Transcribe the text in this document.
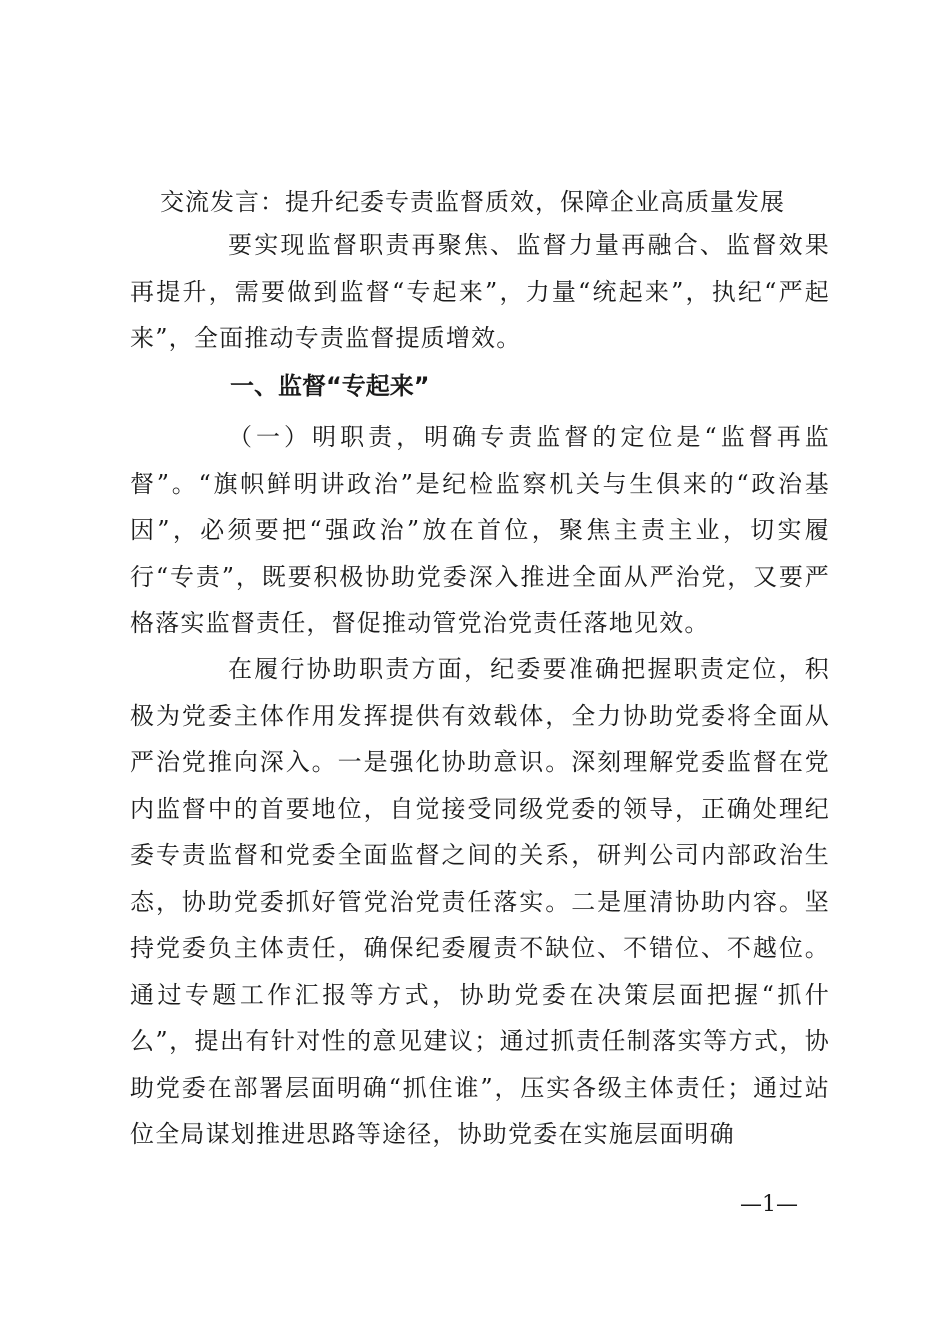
交流发言：提升纪委专责监督质效，保障企业高质量发展

要实现监督职责再聚焦、监督力量再融合、监督效果再提升，需要做到监督“专起来”，力量“统起来”，执纪“严起来”，全面推动专责监督提质增效。

一、监督“专起来”

（一）明职责，明确专责监督的定位是“监督再监督”。“旗帜鲜明讲政治”是纪检监察机关与生俱来的“政治基因”，必须要把“强政治”放在首位，聚焦主责主业，切实履行“专责”，既要积极协助党委深入推进全面从严治党，又要严格落实监督责任，督促推动管党治党责任落地见效。

在履行协助职责方面，纪委要准确把握职责定位，积极为党委主体作用发挥提供有效载体，全力协助党委将全面从严治党推向深入。一是强化协助意识。深刻理解党委监督在党内监督中的首要地位，自觉接受同级党委的领导，正确处理纪委专责监督和党委全面监督之间的关系，研判公司内部政治生态，协助党委抓好管党治党责任落实。二是厘清协助内容。坚持党委负主体责任，确保纪委履责不缺位、不错位、不越位。通过专题工作汇报等方式，协助党委在决策层面把握“抓什么”，提出有针对性的意见建议；通过抓责任制落实等方式，协助党委在部署层面明确“抓住谁”，压实各级主体责任；通过站位全局谋划推进思路等途径，协助党委在实施层面明确

—1—
